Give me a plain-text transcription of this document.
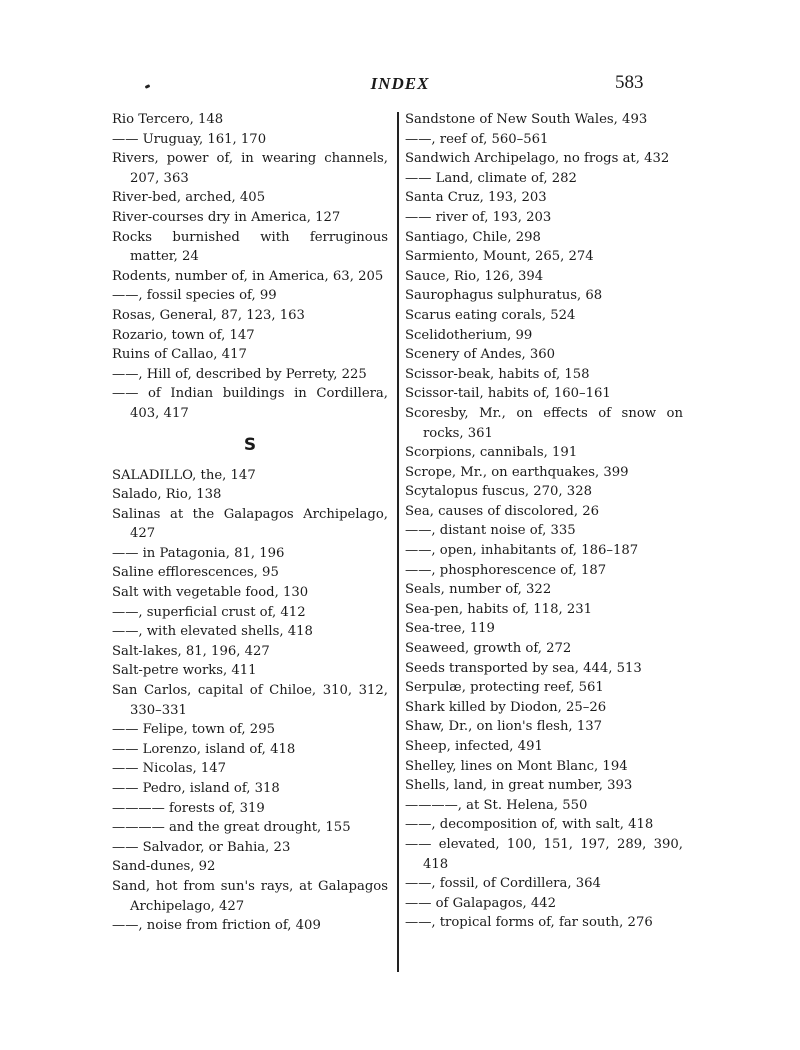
INDEX	583
Rio Tercero, 148
—— Uruguay, 161, 170
Rivers, power of, in wearing channels, 207, 363
River-bed, arched, 405
River-courses dry in America, 127
Rocks burnished with ferruginous matter, 24
Rodents, number of, in America, 63, 205
——, fossil species of, 99
Rosas, General, 87, 123, 163
Rozario, town of, 147
Ruins of Callao, 417
——, Hill of, described by Perrety, 225
—— of Indian buildings in Cordillera, 403, 417
S
SALADILLO, the, 147
Salado, Rio, 138
Salinas at the Galapagos Archipelago, 427
—— in Patagonia, 81, 196
Saline efflorescences, 95
Salt with vegetable food, 130
——, superficial crust of, 412
——, with elevated shells, 418
Salt-lakes, 81, 196, 427
Salt-petre works, 411
San Carlos, capital of Chiloe, 310, 312, 330–331
—— Felipe, town of, 295
—— Lorenzo, island of, 418
—— Nicolas, 147
—— Pedro, island of, 318
———— forests of, 319
———— and the great drought, 155
—— Salvador, or Bahia, 23
Sand-dunes, 92
Sand, hot from sun's rays, at Galapagos Archipelago, 427
——, noise from friction of, 409
Sandstone of New South Wales, 493
——, reef of, 560–561
Sandwich Archipelago, no frogs at, 432
—— Land, climate of, 282
Santa Cruz, 193, 203
—— river of, 193, 203
Santiago, Chile, 298
Sarmiento, Mount, 265, 274
Sauce, Rio, 126, 394
Saurophagus sulphuratus, 68
Scarus eating corals, 524
Scelidotherium, 99
Scenery of Andes, 360
Scissor-beak, habits of, 158
Scissor-tail, habits of, 160–161
Scoresby, Mr., on effects of snow on rocks, 361
Scorpions, cannibals, 191
Scrope, Mr., on earthquakes, 399
Scytalopus fuscus, 270, 328
Sea, causes of discolored, 26
——, distant noise of, 335
——, open, inhabitants of, 186–187
——, phosphorescence of, 187
Seals, number of, 322
Sea-pen, habits of, 118, 231
Sea-tree, 119
Seaweed, growth of, 272
Seeds transported by sea, 444, 513
Serpulæ, protecting reef, 561
Shark killed by Diodon, 25–26
Shaw, Dr., on lion's flesh, 137
Sheep, infected, 491
Shelley, lines on Mont Blanc, 194
Shells, land, in great number, 393
————, at St. Helena, 550
——, decomposition of, with salt, 418
—— elevated, 100, 151, 197, 289, 390, 418
——, fossil, of Cordillera, 364
—— of Galapagos, 442
——, tropical forms of, far south, 276
